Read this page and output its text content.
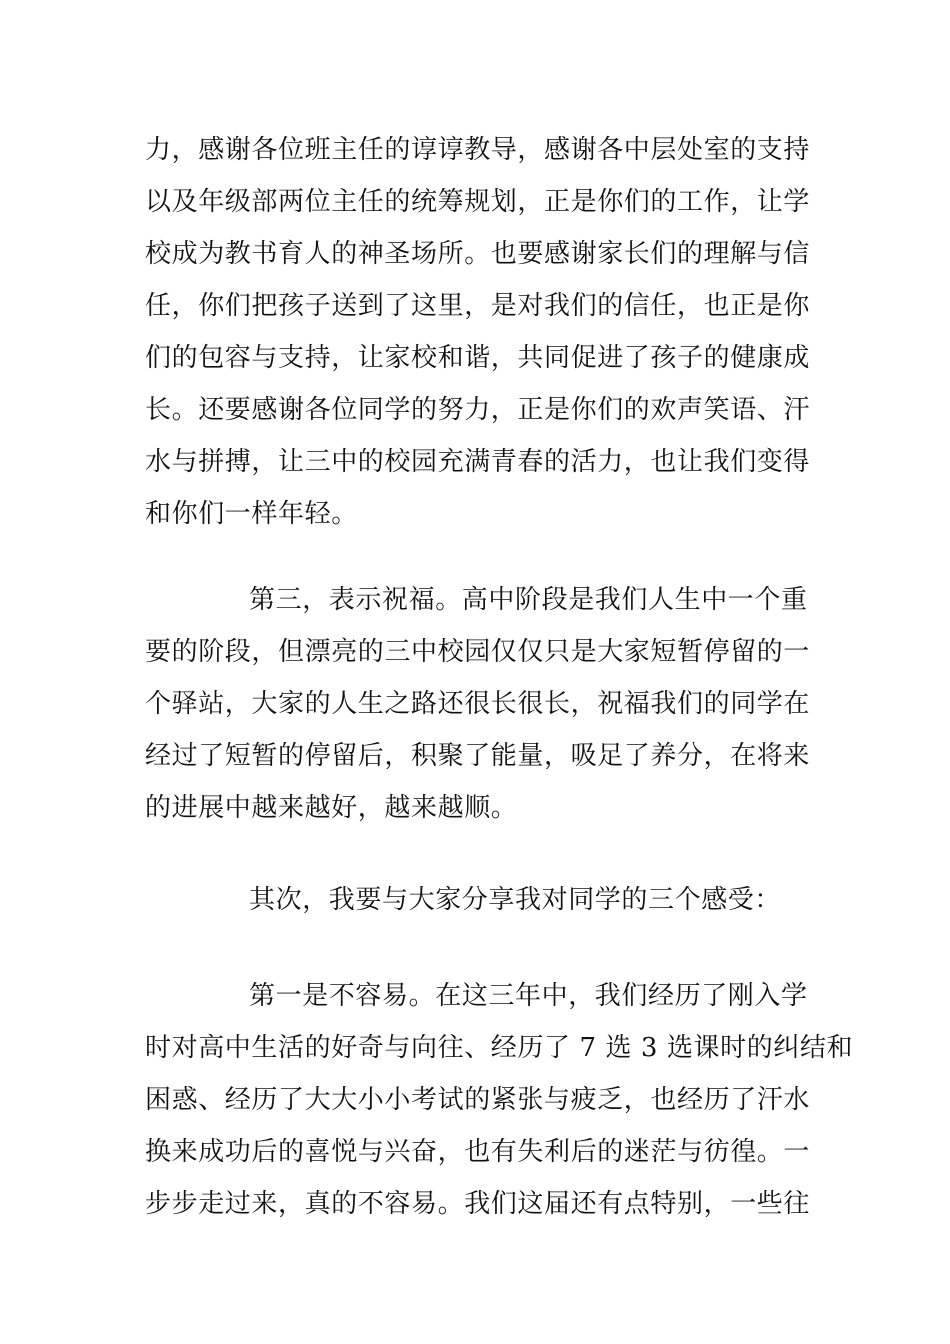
力，感谢各位班主任的谆谆教导，感谢各中层处室的支持
以及年级部两位主任的统筹规划，正是你们的工作，让学
校成为教书育人的神圣场所。也要感谢家长们的理解与信
任，你们把孩子送到了这里，是对我们的信任，也正是你
们的包容与支持，让家校和谐，共同促进了孩子的健康成
长。还要感谢各位同学的努力，正是你们的欢声笑语、汗
水与拼搏，让三中的校园充满青春的活力，也让我们变得
和你们一样年轻。
第三，表示祝福。高中阶段是我们人生中一个重
要的阶段，但漂亮的三中校园仅仅只是大家短暂停留的一
个驿站，大家的人生之路还很长很长，祝福我们的同学在
经过了短暂的停留后，积聚了能量，吸足了养分，在将来
的进展中越来越好，越来越顺。
其次，我要与大家分享我对同学的三个感受：
第一是不容易。在这三年中，我们经历了刚入学
时对高中生活的好奇与向往、经历了 7 选 3 选课时的纠结和
困惑、经历了大大小小考试的紧张与疲乏，也经历了汗水
换来成功后的喜悦与兴奋，也有失利后的迷茫与彷徨。一
步步走过来，真的不容易。我们这届还有点特别，一些往
